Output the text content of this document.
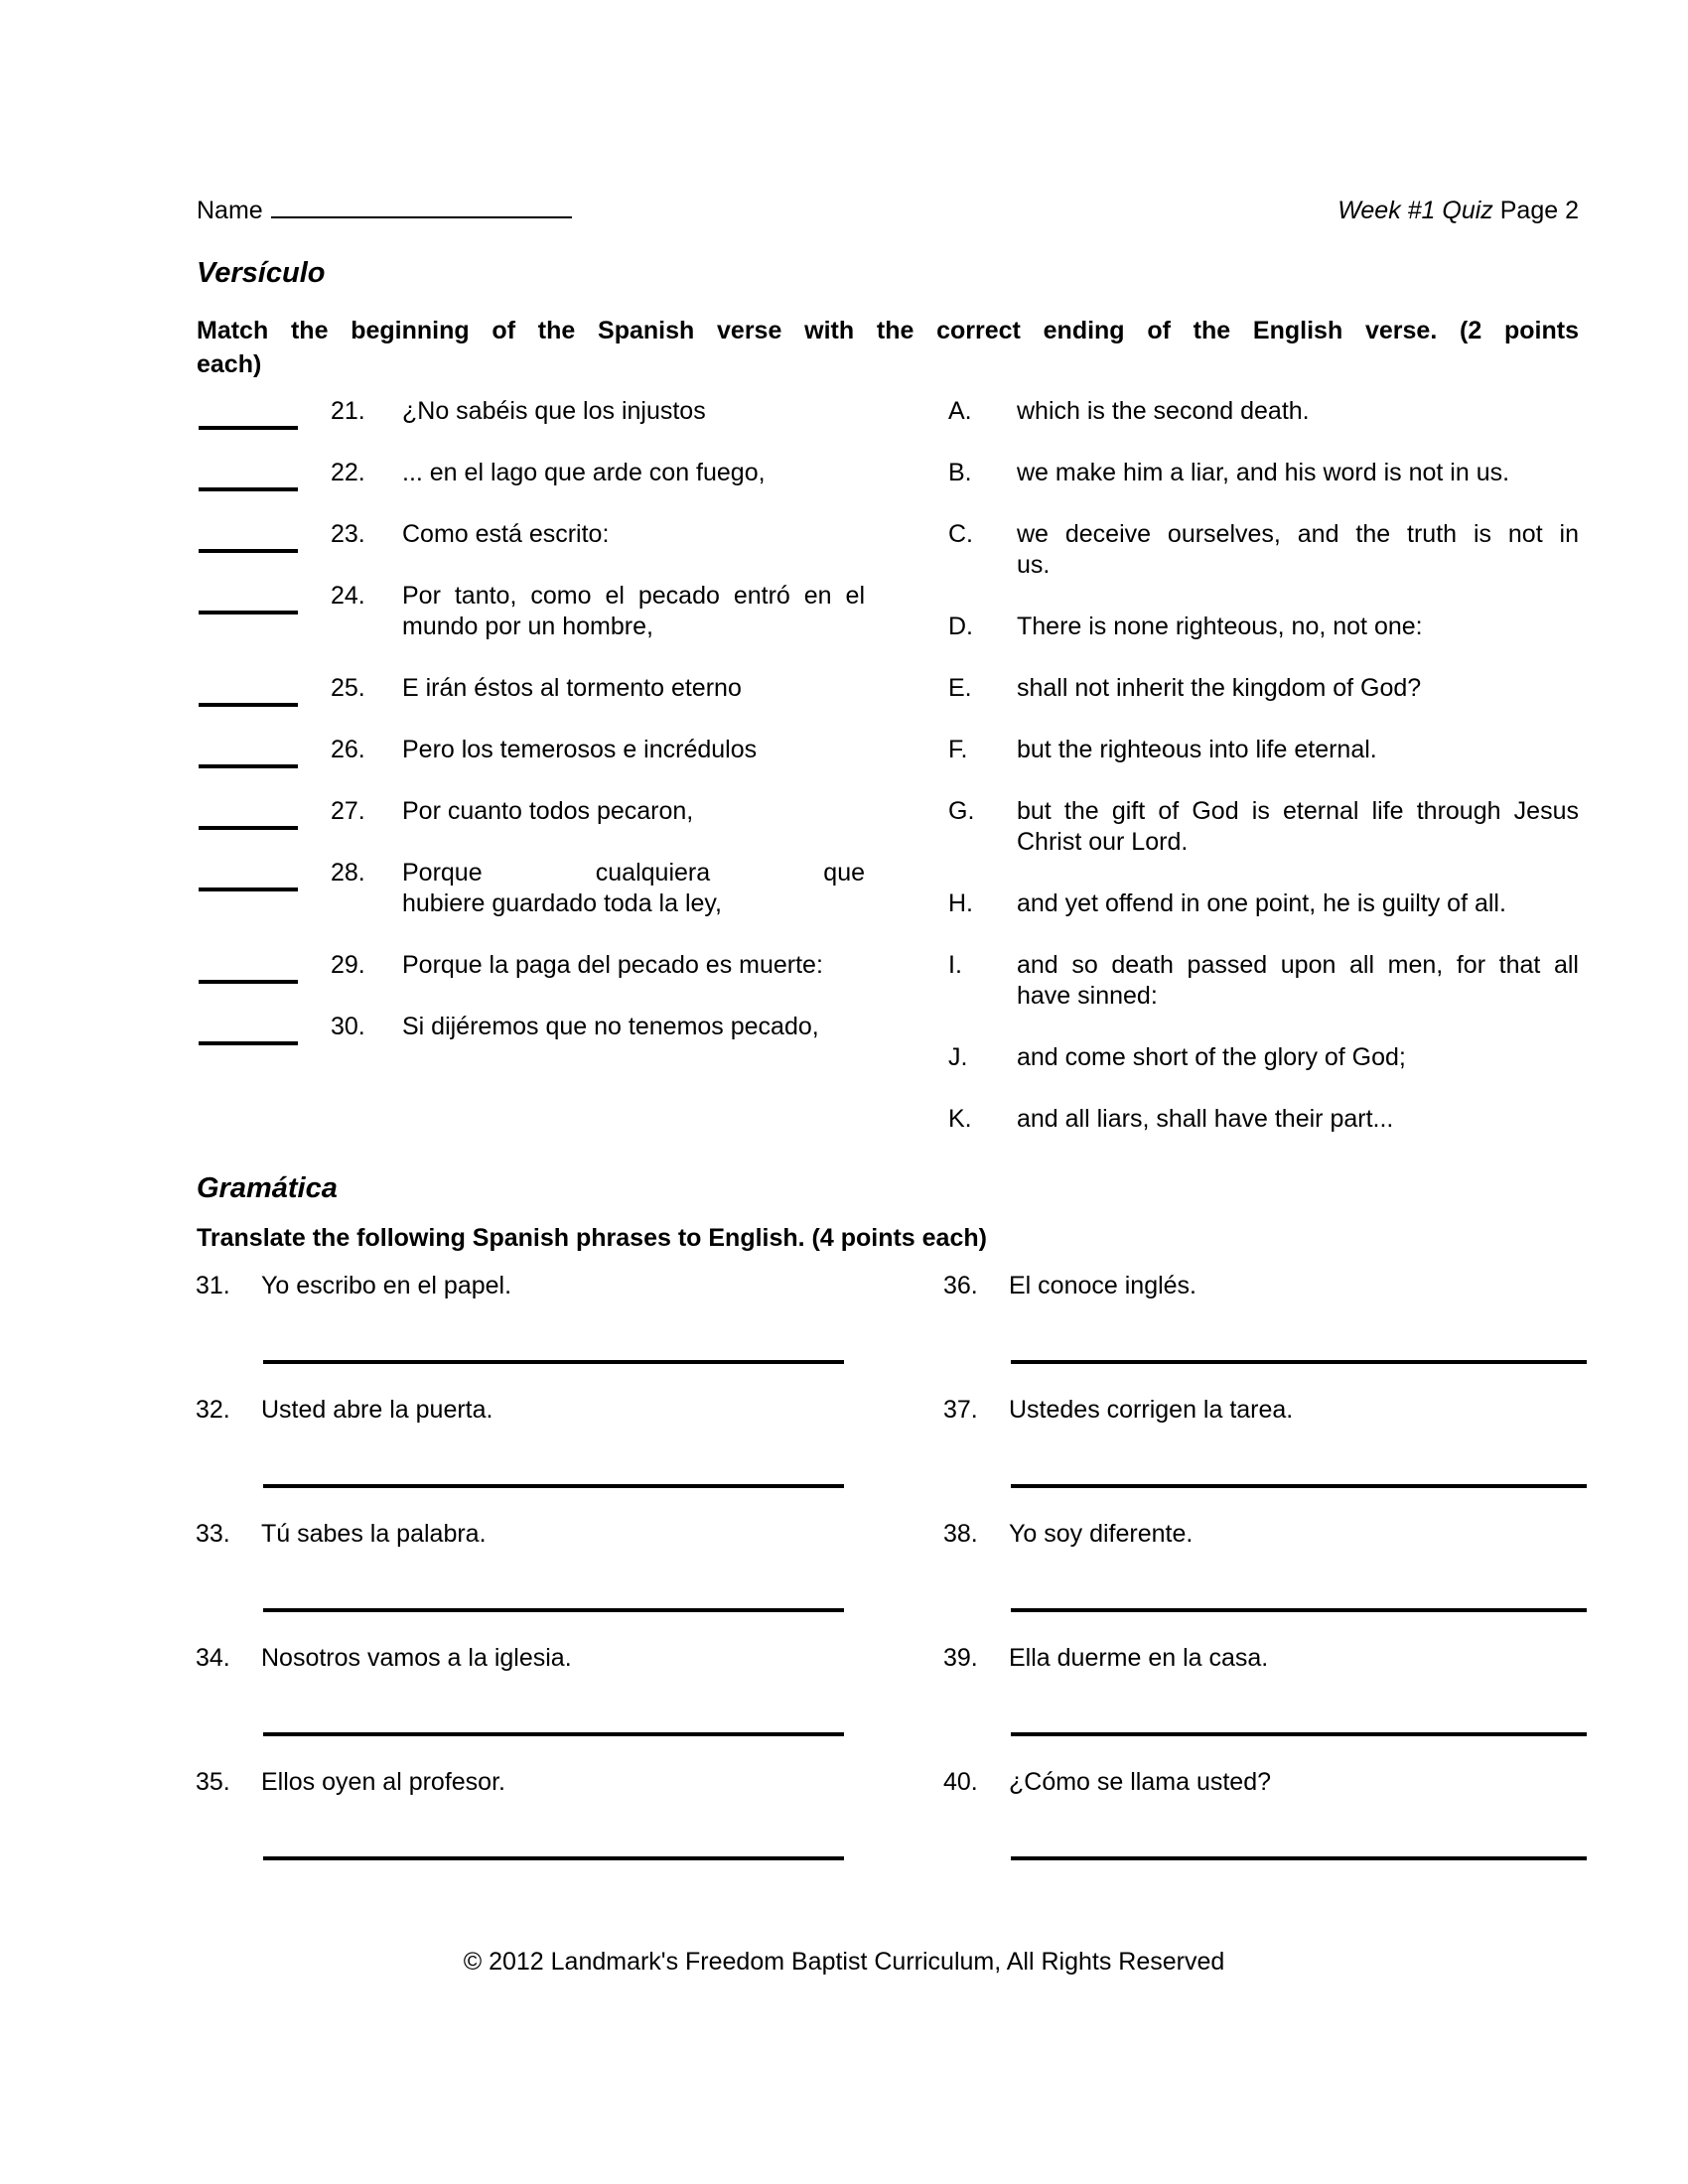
Name	Week #1 Quiz Page 2
Versículo
Match the beginning of the Spanish verse with the correct ending of the English verse. (2 points
each)
21. ¿No sabéis que los injustos
22. ... en el lago que arde con fuego,
23. Como está escrito:
24. Por tanto, como el pecado entró en el
mundo por un hombre,
25. E irán éstos al tormento eterno
26. Pero los temerosos e incrédulos
27. Por cuanto todos pecaron,
28. Porque cualquiera que
hubiere guardado toda la ley,
29. Porque la paga del pecado es muerte:
30. Si dijéremos que no tenemos pecado,
A. which is the second death.
B. we make him a liar, and his word is not in us.
C. we deceive ourselves, and the truth is not in
us.
D. There is none righteous, no, not one:
E. shall not inherit the kingdom of God?
F. but the righteous into life eternal.
G. but the gift of God is eternal life through Jesus
Christ our Lord.
H. and yet offend in one point, he is guilty of all.
I. and so death passed upon all men, for that all
have sinned:
J. and come short of the glory of God;
K. and all liars, shall have their part...
Gramática
Translate the following Spanish phrases to English. (4 points each)
31. Yo escribo en el papel.
32. Usted abre la puerta.
33. Tú sabes la palabra.
34. Nosotros vamos a la iglesia.
35. Ellos oyen al profesor.
36. El conoce inglés.
37. Ustedes corrigen la tarea.
38. Yo soy diferente.
39. Ella duerme en la casa.
40. ¿Cómo se llama usted?
© 2012 Landmark's Freedom Baptist Curriculum, All Rights Reserved
